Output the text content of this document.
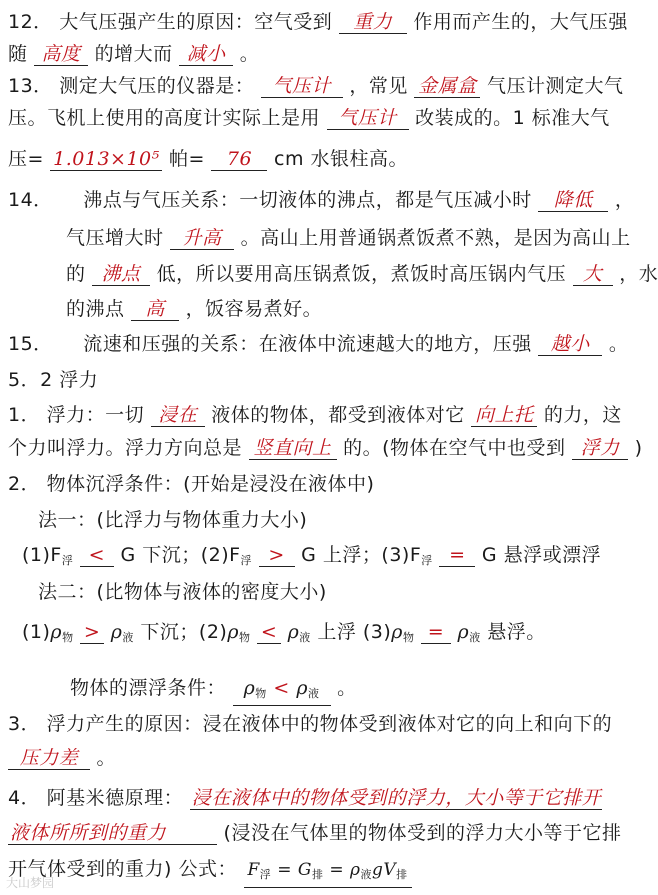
12． 大气压强产生的原因：空气受到 重力 作用而产生的，大气压强
随 高度 的增大而 减小 。
13． 测定大气压的仪器是： 气压计 ，常见 金属盒 气压计测定大气
压。飞机上使用的高度计实际上是用 气压计 改装成的。1 标准大气
压= 1.013×10⁵ 帕= 76 cm 水银柱高。
14． 沸点与气压关系：一切液体的沸点，都是气压减小时 降低 ，
气压增大时 升高 。高山上用普通锅煮饭煮不熟，是因为高山上
的 沸点 低，所以要用高压锅煮饭，煮饭时高压锅内气压 大 ，水
的沸点 高 ，饭容易煮好。
15． 流速和压强的关系：在液体中流速越大的地方，压强 越小 。
5．2 浮力
1． 浮力：一切 浸在 液体的物体，都受到液体对它 向上托 的力，这
个力叫浮力。浮力方向总是 竖直向上 的。(物体在空气中也受到 浮力 )
2． 物体沉浮条件：(开始是浸没在液体中)
法一：(比浮力与物体重力大小)
$(1)F_浮 < G$ 下沉；$(2)F_浮 > G$ 上浮；$(3)F_浮 = G$ 悬浮或漂浮
法二：(比物体与液体的密度大小)
$(1)\rho_物 > \rho_液$ 下沉；$(2)\rho_物 < \rho_液$ 上浮 $(3)\rho_物 = \rho_液$ 悬浮。
物体的漂浮条件： $\rho_物 < \rho_液$ 。
3． 浮力产生的原因：浸在液体中的物体受到液体对它的向上和向下的
压力差 。
4． 阿基米德原理： 浸在液体中的物体受到的浮力，大小等于它排开
液体所所到的重力	(浸没在气体里的物体受到的浮力大小等于它排
开气体受到的重力) 公式： $F_浮 = G_排 = \rho_液gV_排$
大山梦园
